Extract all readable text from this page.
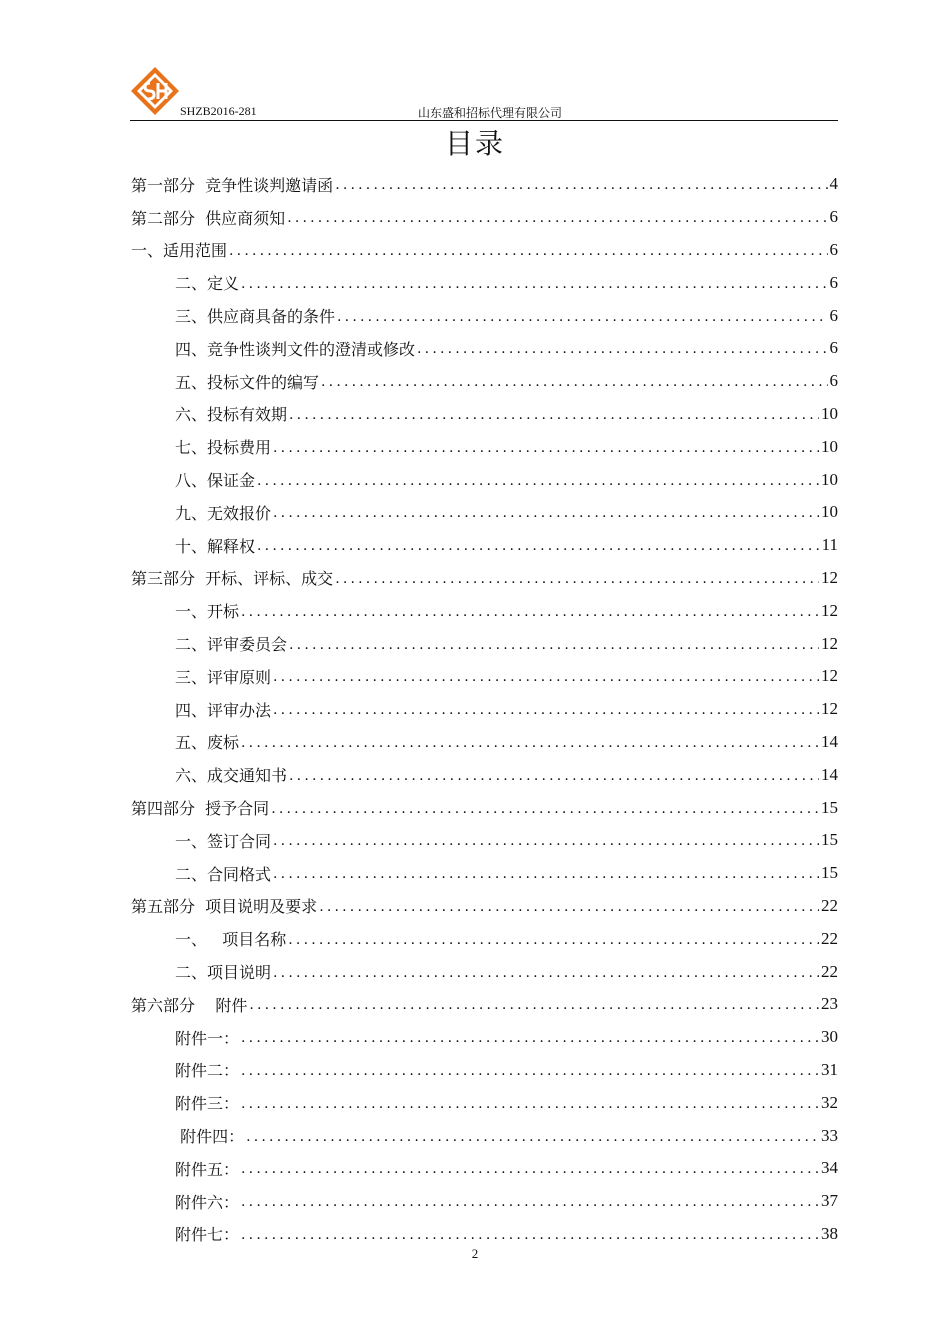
SHZB2016-281	山东盛和招标代理有限公司
目录
第一部分  竞争性谈判邀请函 .....	4
第二部分  供应商须知 .....	6
一、适用范围 .....	6
二、定义 .....	6
三、供应商具备的条件 .....	6
四、竞争性谈判文件的澄清或修改 .....	6
五、投标文件的编写 .....	6
六、投标有效期 .....	10
七、投标费用 .....	10
八、保证金 .....	10
九、无效报价 .....	10
十、解释权 .....	11
第三部分  开标、评标、成交 .....	12
一、开标 .....	12
二、评审委员会 .....	12
三、评审原则 .....	12
四、评审办法 .....	12
五、废标 .....	14
六、成交通知书 .....	14
第四部分  授予合同 .....	15
一、签订合同 .....	15
二、合同格式 .....	15
第五部分  项目说明及要求 .....	22
一、   项目名称 .....	22
二、项目说明 .....	22
第六部分    附件 .....	23
附件一： .....	30
附件二： .....	31
附件三： .....	32
附件四： .....	33
附件五： .....	34
附件六： .....	37
附件七： .....	38
2
